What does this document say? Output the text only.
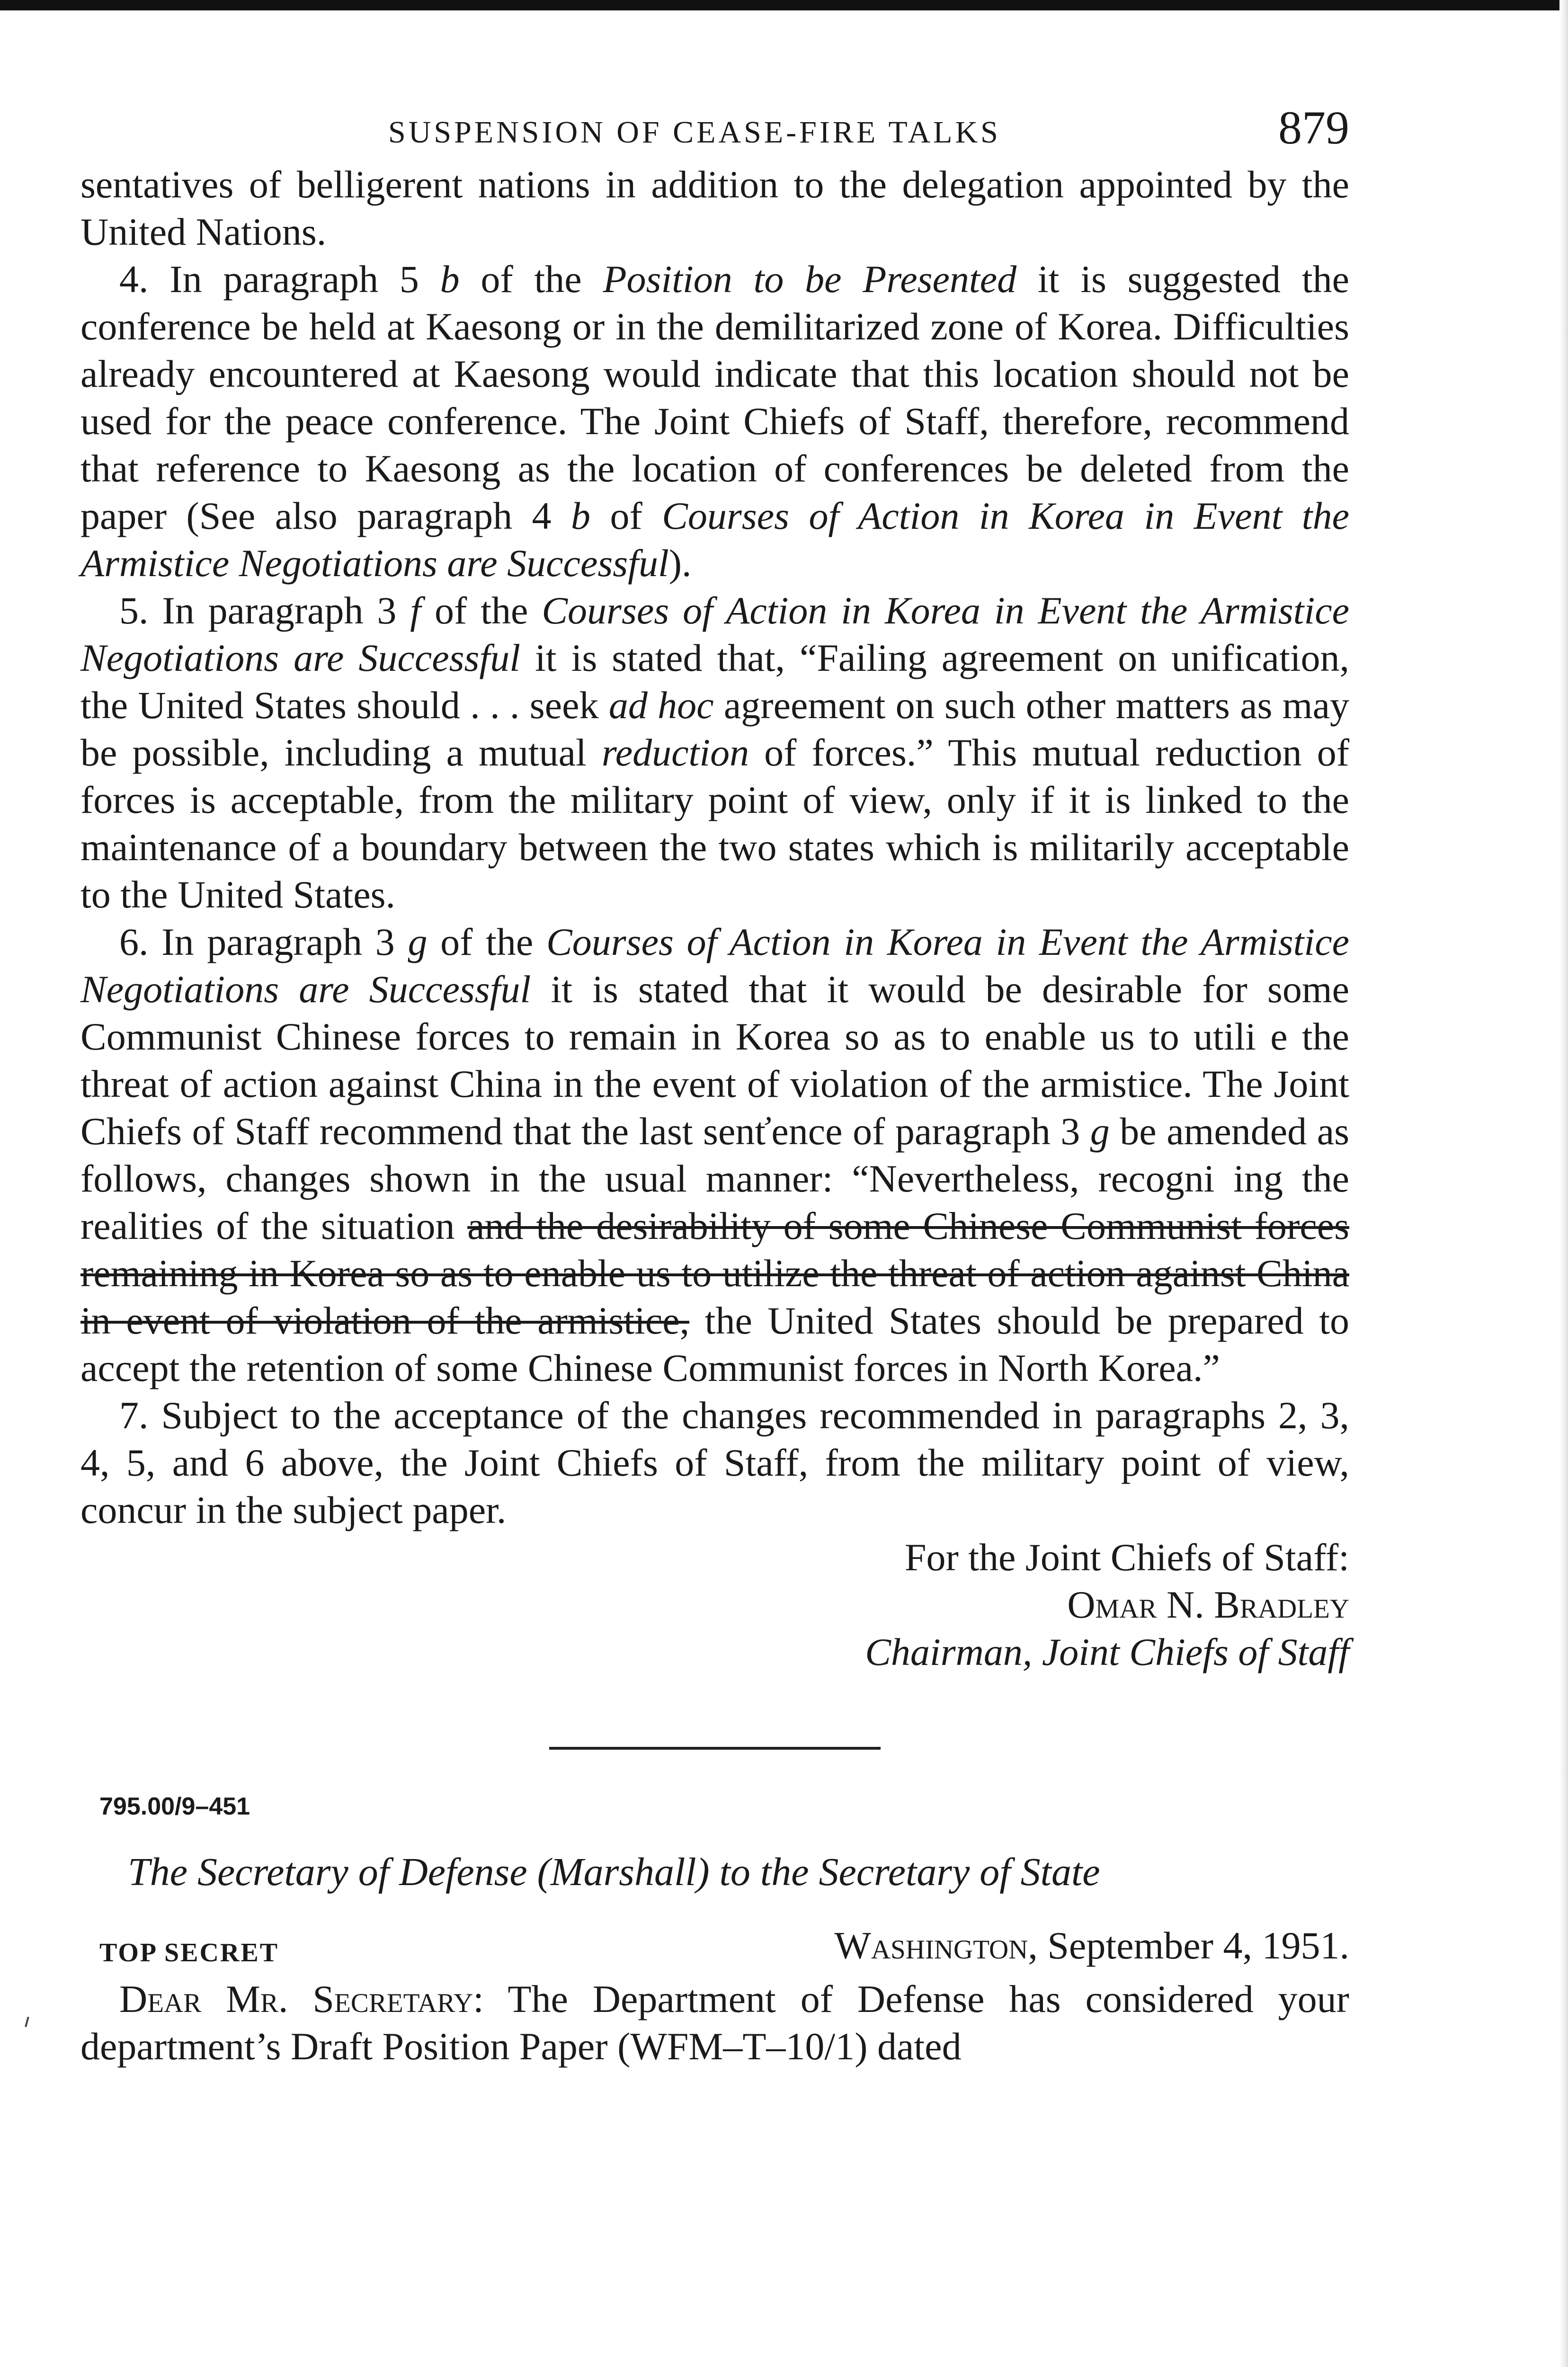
SUSPENSION OF CEASE-FIRE TALKS	879

sentatives of belligerent nations in addition to the delegation appointed by the United Nations.

4. In paragraph 5 b of the Position to be Presented it is suggested the conference be held at Kaesong or in the demilitarized zone of Korea. Difficulties already encountered at Kaesong would indicate that this location should not be used for the peace conference. The Joint Chiefs of Staff, therefore, recommend that reference to Kaesong as the location of conferences be deleted from the paper (See also paragraph 4 b of Courses of Action in Korea in Event the Armistice Negotiations are Successful).

5. In paragraph 3 f of the Courses of Action in Korea in Event the Armistice Negotiations are Successful it is stated that, “Failing agreement on unification, the United States should . . . seek ad hoc agreement on such other matters as may be possible, including a mutual reduction of forces.” This mutual reduction of forces is acceptable, from the military point of view, only if it is linked to the maintenance of a boundary between the two states which is militarily acceptable to the United States.

6. In paragraph 3 g of the Courses of Action in Korea in Event the Armistice Negotiations are Successful it is stated that it would be desirable for some Communist Chinese forces to remain in Korea so as to enable us to utili e the threat of action against China in the event of violation of the armistice. The Joint Chiefs of Staff recommend that the last senťence of paragraph 3 g be amended as follows, changes shown in the usual manner: “Nevertheless, recogni ing the realities of the situation and the desirability of some Chinese Communist forces remaining in Korea so as to enable us to utilize the threat of action against China in event of violation of the armistice, the United States should be prepared to accept the retention of some Chinese Communist forces in North Korea.”

7. Subject to the acceptance of the changes recommended in paragraphs 2, 3, 4, 5, and 6 above, the Joint Chiefs of Staff, from the military point of view, concur in the subject paper.

For the Joint Chiefs of Staff:

Omar N. Bradley

Chairman, Joint Chiefs of Staff

795.00/9–451

The Secretary of Defense (Marshall) to the Secretary of State

TOP SECRET	Washington, September 4, 1951.

Dear Mr. Secretary: The Department of Defense has considered your department’s Draft Position Paper (WFM–T–10/1) dated
